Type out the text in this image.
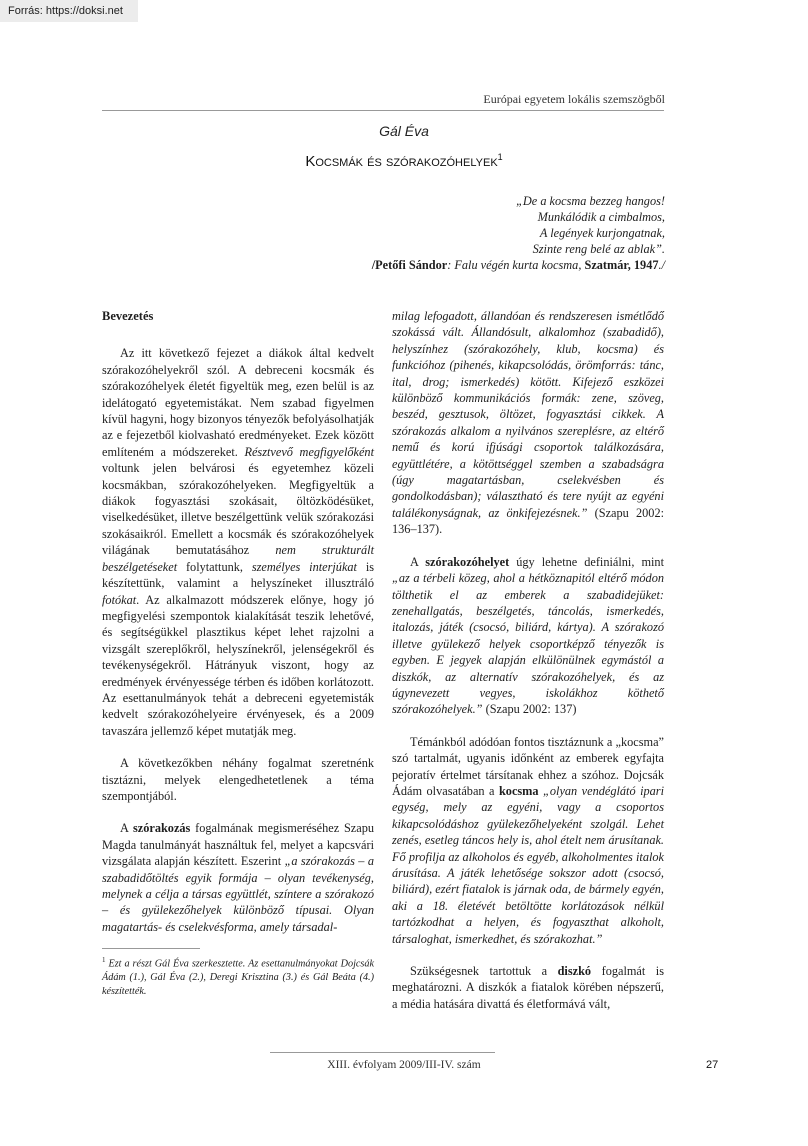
Forrás: https://doksi.net
Európai egyetem lokális szemszögből
Gál Éva
Kocsmák és szórakozóhelyek$^1$
„De a kocsma bezzeg hangos!
Munkálódik a cimbalmos,
A legények kurjongatnak,
Szinte reng belé az ablak”.
/Petőfi Sándor: Falu végén kurta kocsma, Szatmár, 1947./
Bevezetés

Az itt következő fejezet a diákok által kedvelt szórakozóhelyekről szól. A debreceni kocsmák és szórakozóhelyek életét figyeltük meg, ezen belül is az idelátogató egyetemistákat. Nem szabad figyelmen kívül hagyni, hogy bizonyos tényezők befolyásolhatják az e fejezetből kiolvasható eredményeket. Ezek között említeném a módszereket. Résztvevő megfigyelőként voltunk jelen belvárosi és egyetemhez közeli kocsmákban, szórakozóhelyeken. Megfigyeltük a diákok fogyasztási szokásait, öltözködésüket, viselkedésüket, illetve beszélgettünk velük szórakozási szokásaikról. Emellett a kocsmák és szórakozóhelyek világának bemutatásához nem strukturált beszélgetéseket folytattunk, személyes interjúkat is készítettünk, valamint a helyszíneket illusztráló fotókat. Az alkalmazott módszerek előnye, hogy jó megfigyelési szempontok kialakítását teszik lehetővé, és segítségükkel plasztikus képet lehet rajzolni a vizsgált szereplőkről, helyszínekről, jelenségekről és tevékenységekről. Hátrányuk viszont, hogy az eredmények érvényessége térben és időben korlátozott. Az esettanulmányok tehát a debreceni egyetemisták kedvelt szórakozóhelyeire érvényesek, és a 2009 tavaszára jellemző képet mutatják meg.

A következőkben néhány fogalmat szeretnénk tisztázni, melyek elengedhetetlenek a téma szempontjából.

A szórakozás fogalmának megismeréséhez Szapu Magda tanulmányát használtuk fel, melyet a kapcsvári vizsgálata alapján készített. Eszerint „a szórakozás – a szabadidőtöltés egyik formája – olyan tevékenység, melynek a célja a társas együttlét, színtere a szórakozó – és gyülekezőhelyek különböző típusai. Olyan magatartás- és cselekvésforma, amely társadal-

$^1$ Ezt a részt Gál Éva szerkesztette. Az esettanulmányokat Dojcsák Ádám (1.), Gál Éva (2.), Deregi Krisztina (3.) és Gál Beáta (4.) készítették.

milag lefogadott, állandóan és rendszeresen ismétlődő szokássá vált. Állandósult, alkalomhoz (szabadidő), helyszínhez (szórakozóhely, klub, kocsma) és funkcióhoz (pihenés, kikapcsolódás, örömforrás: tánc, ital, drog; ismerkedés) kötött. Kifejező eszközei különböző kommunikációs formák: zene, szöveg, beszéd, gesztusok, öltözet, fogyasztási cikkek. A szórakozás alkalom a nyilvános szereplésre, az eltérő nemű és korú ifjúsági csoportok találkozására, együttlétére, a kötöttséggel szemben a szabadságra (úgy magatartásban, cselekvésben és gondolkodásban); választható és tere nyújt az egyéni találékonyságnak, az önkifejezésnek.” (Szapu 2002: 136–137).

A szórakozóhelyet úgy lehetne definiálni, mint „az a térbeli közeg, ahol a hétköznapitól eltérő módon tölthetik el az emberek a szabadidejüket: zenehallgatás, beszélgetés, táncolás, ismerkedés, italozás, játék (csocsó, biliárd, kártya). A szórakozó illetve gyülekező helyek csoportképző tényezők is egyben. E jegyek alapján elkülönülnek egymástól a diszkók, az alternatív szórakozóhelyek, és az úgynevezett vegyes, iskolákhoz köthető szórakozóhelyek.” (Szapu 2002: 137)

Témánkból adódóan fontos tisztáznunk a „kocsma” szó tartalmát, ugyanis időnként az emberek egyfajta pejoratív értelmet társítanak ehhez a szóhoz. Dojcsák Ádám olvasatában a kocsma „olyan vendéglátó ipari egység, mely az egyéni, vagy a csoportos kikapcsolódáshoz gyülekezőhelyeként szolgál. Lehet zenés, esetleg táncos hely is, ahol ételt nem árusítanak. Fő profilja az alkoholos és egyéb, alkoholmentes italok árusítása. A játék lehetősége sokszor adott (csocsó, biliárd), ezért fiatalok is járnak oda, de bármely egyén, aki a 18. életévét betöltötte korlátozások nélkül tartózkodhat a helyen, és fogyaszthat alkoholt, társaloghat, ismerkedhet, és szórakozhat.”

Szükségesnek tartottuk a diszkó fogalmát is meghatározni. A diszkók a fiatalok körében népszerű, a média hatására divattá és életformává vált,

XIII. évfolyam 2009/III-IV. szám	27
